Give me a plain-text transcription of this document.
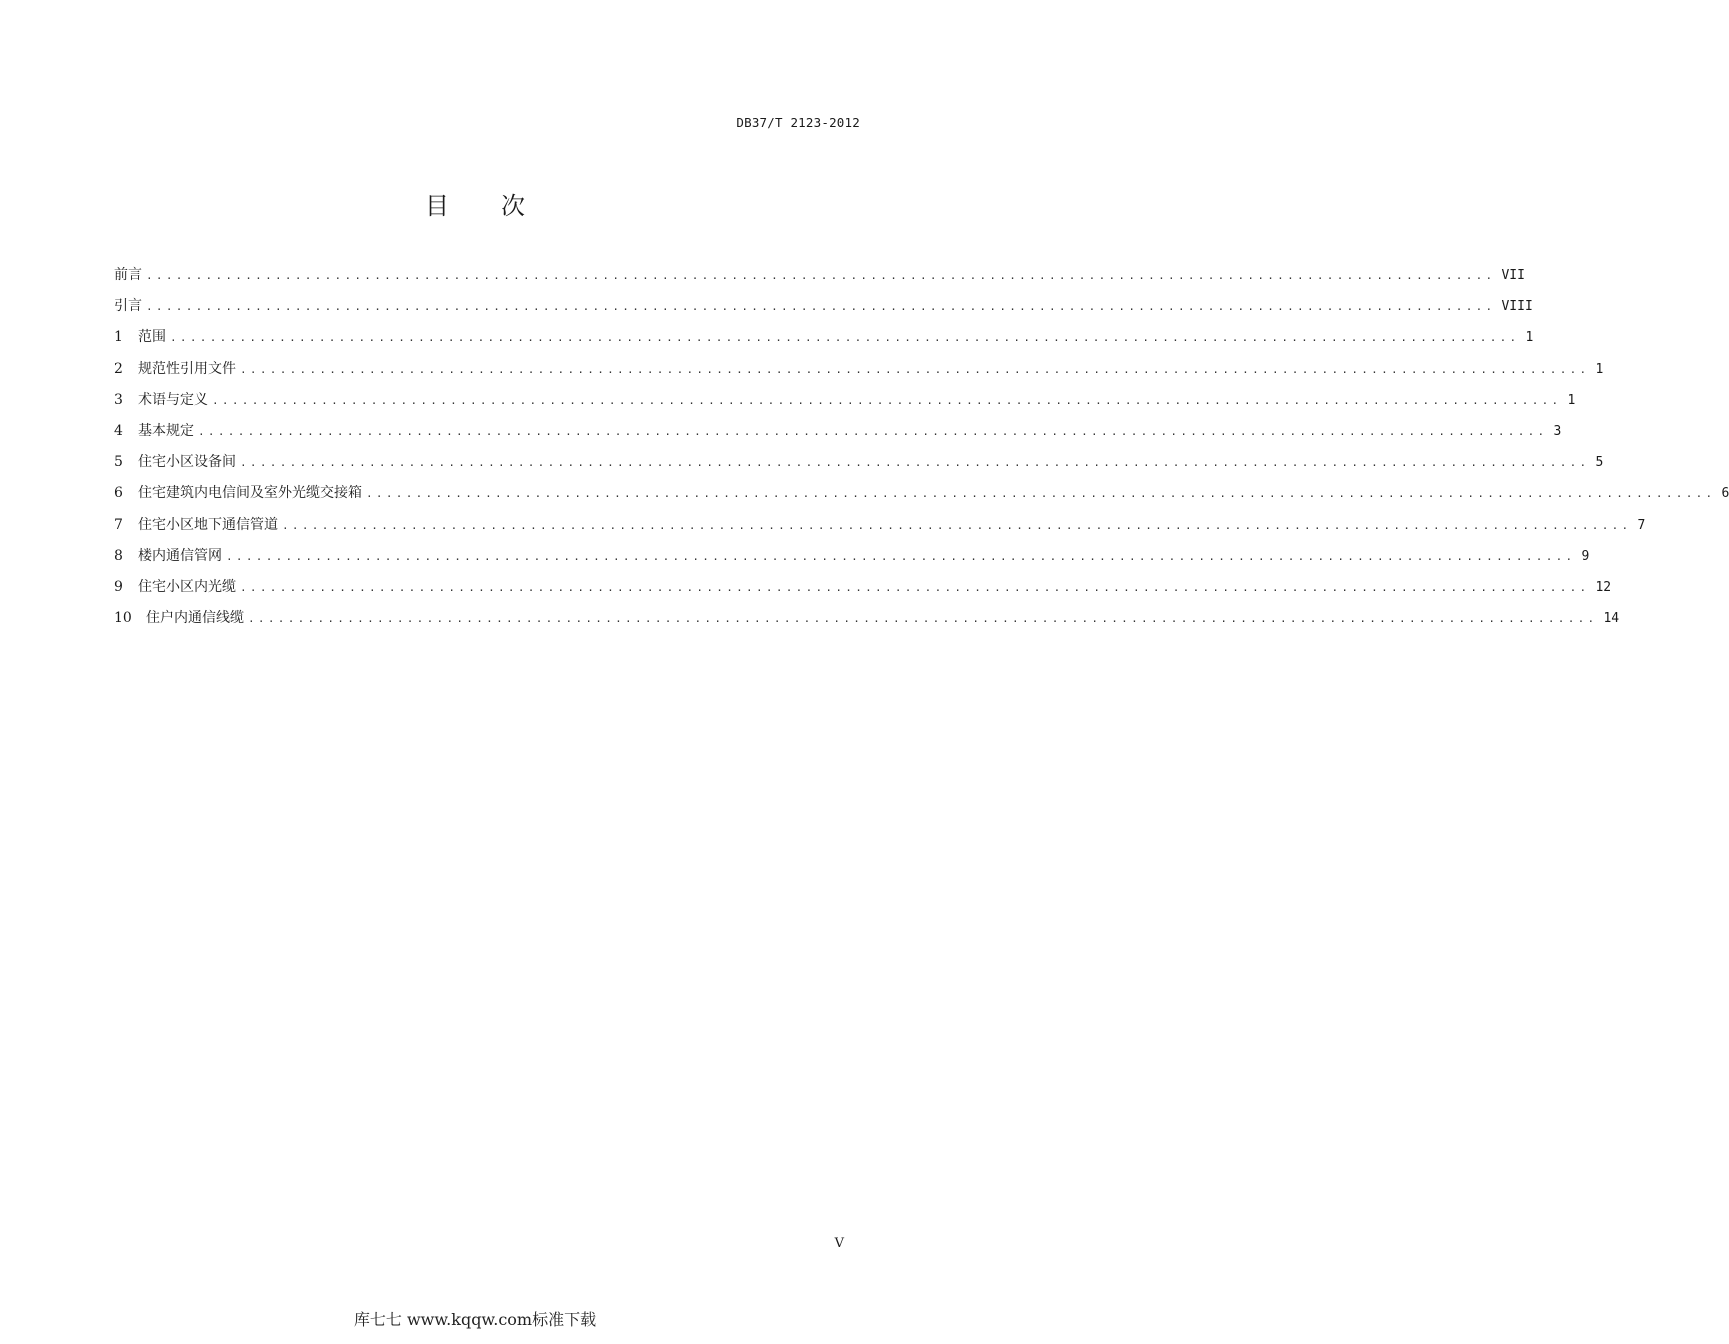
DB37/T 2123-2012
目 次
前言 ........................................................................................................................................ VII
引言 ........................................................................................................................................ VIII
1	范围 ........................................................................................................................................ 1
2	规范性引用文件 ........................................................................................................................................ 1
3	术语与定义 ........................................................................................................................................ 1
4	基本规定 ........................................................................................................................................ 3
5	住宅小区设备间 ........................................................................................................................................ 5
6	住宅建筑内电信间及室外光缆交接箱 ........................................................................................................................................ 6
7	住宅小区地下通信管道 ........................................................................................................................................ 7
8	楼内通信管网 ........................................................................................................................................ 9
9	住宅小区内光缆 ........................................................................................................................................ 12
10	住户内通信线缆 ........................................................................................................................................ 14
V
库七七 www.kqqw.com标准下载
